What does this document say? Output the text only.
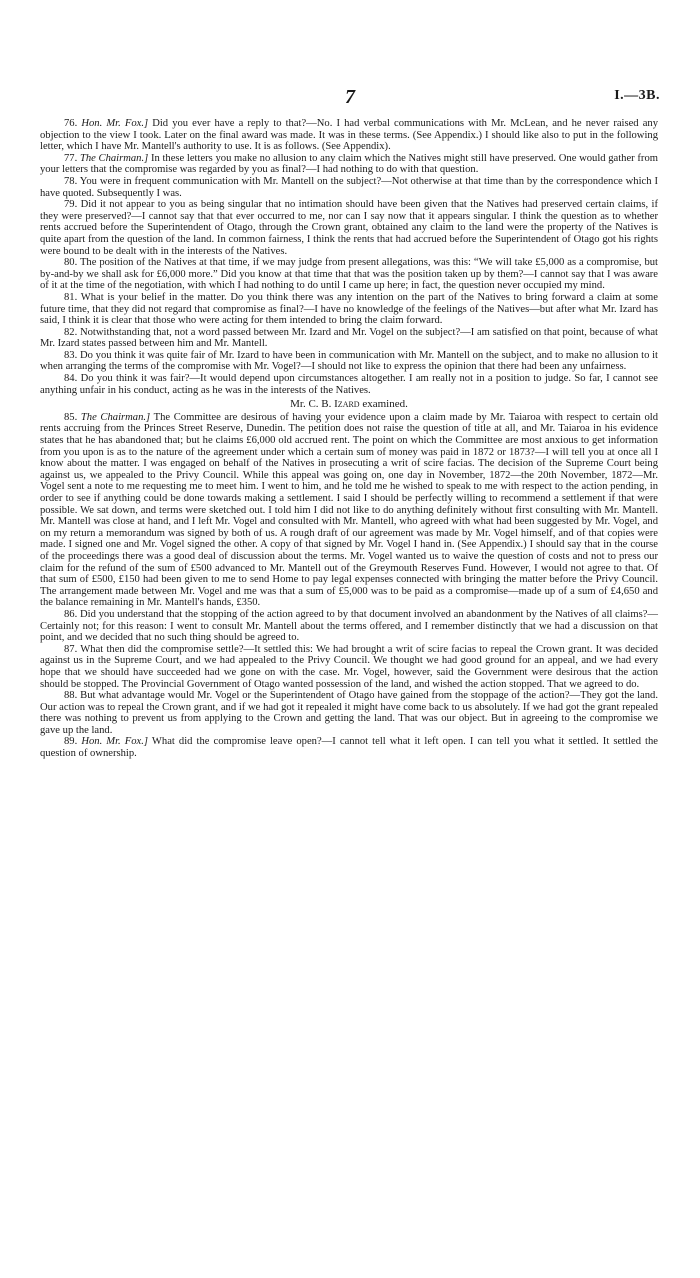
7	I.—3B.

76. Hon. Mr. Fox.] Did you ever have a reply to that?—No. I had verbal communications with Mr. McLean, and he never raised any objection to the view I took. Later on the final award was made. It was in these terms. (See Appendix.) I should like also to put in the following letter, which I have Mr. Mantell's authority to use. It is as follows. (See Appendix).

77. The Chairman.] In these letters you make no allusion to any claim which the Natives might still have preserved. One would gather from your letters that the compromise was regarded by you as final?—I had nothing to do with that question.

78. You were in frequent communication with Mr. Mantell on the subject?—Not otherwise at that time than by the correspondence which I have quoted. Subsequently I was.

79. Did it not appear to you as being singular that no intimation should have been given that the Natives had preserved certain claims, if they were preserved?—I cannot say that that ever occurred to me, nor can I say now that it appears singular. I think the question as to whether rents accrued before the Superintendent of Otago, through the Crown grant, obtained any claim to the land were the property of the Natives is quite apart from the question of the land. In common fairness, I think the rents that had accrued before the Superintendent of Otago got his rights were bound to be dealt with in the interests of the Natives.

80. The position of the Natives at that time, if we may judge from present allegations, was this: “We will take £5,000 as a compromise, but by-and-by we shall ask for £6,000 more.” Did you know at that time that that was the position taken up by them?—I cannot say that I was aware of it at the time of the negotiation, with which I had nothing to do until I came up here; in fact, the question never occupied my mind.

81. What is your belief in the matter. Do you think there was any intention on the part of the Natives to bring forward a claim at some future time, that they did not regard that compromise as final?—I have no knowledge of the feelings of the Natives—but after what Mr. Izard has said, I think it is clear that those who were acting for them intended to bring the claim forward.

82. Notwithstanding that, not a word passed between Mr. Izard and Mr. Vogel on the subject?—I am satisfied on that point, because of what Mr. Izard states passed between him and Mr. Mantell.

83. Do you think it was quite fair of Mr. Izard to have been in communication with Mr. Mantell on the subject, and to make no allusion to it when arranging the terms of the compromise with Mr. Vogel?—I should not like to express the opinion that there had been any unfairness.

84. Do you think it was fair?—It would depend upon circumstances altogether. I am really not in a position to judge. So far, I cannot see anything unfair in his conduct, acting as he was in the interests of the Natives.

Mr. C. B. Izard examined.

85. The Chairman.] The Committee are desirous of having your evidence upon a claim made by Mr. Taiaroa with respect to certain old rents accruing from the Princes Street Reserve, Dunedin. The petition does not raise the question of title at all, and Mr. Taiaroa in his evidence states that he has abandoned that; but he claims £6,000 old accrued rent. The point on which the Committee are most anxious to get information from you upon is as to the nature of the agreement under which a certain sum of money was paid in 1872 or 1873?—I will tell you at once all I know about the matter. I was engaged on behalf of the Natives in prosecuting a writ of scire facias. The decision of the Supreme Court being against us, we appealed to the Privy Council. While this appeal was going on, one day in November, 1872—the 20th November, 1872—Mr. Vogel sent a note to me requesting me to meet him. I went to him, and he told me he wished to speak to me with respect to the action pending, in order to see if anything could be done towards making a settlement. I said I should be perfectly willing to recommend a settlement if that were possible. We sat down, and terms were sketched out. I told him I did not like to do anything definitely without first consulting with Mr. Mantell. Mr. Mantell was close at hand, and I left Mr. Vogel and consulted with Mr. Mantell, who agreed with what had been suggested by Mr. Vogel, and on my return a memorandum was signed by both of us. A rough draft of our agreement was made by Mr. Vogel himself, and of that copies were made. I signed one and Mr. Vogel signed the other. A copy of that signed by Mr. Vogel I hand in. (See Appendix.) I should say that in the course of the proceedings there was a good deal of discussion about the terms. Mr. Vogel wanted us to waive the question of costs and not to press our claim for the refund of the sum of £500 advanced to Mr. Mantell out of the Greymouth Reserves Fund. However, I would not agree to that. Of that sum of £500, £150 had been given to me to send Home to pay legal expenses connected with bringing the matter before the Privy Council. The arrangement made between Mr. Vogel and me was that a sum of £5,000 was to be paid as a compromise—made up of a sum of £4,650 and the balance remaining in Mr. Mantell's hands, £350.

86. Did you understand that the stopping of the action agreed to by that document involved an abandonment by the Natives of all claims?—Certainly not; for this reason: I went to consult Mr. Mantell about the terms offered, and I remember distinctly that we had a discussion on that point, and we decided that no such thing should be agreed to.

87. What then did the compromise settle?—It settled this: We had brought a writ of scire facias to repeal the Crown grant. It was decided against us in the Supreme Court, and we had appealed to the Privy Council. We thought we had good ground for an appeal, and we had every hope that we should have succeeded had we gone on with the case. Mr. Vogel, however, said the Government were desirous that the action should be stopped. The Provincial Government of Otago wanted possession of the land, and wished the action stopped. That we agreed to do.

88. But what advantage would Mr. Vogel or the Superintendent of Otago have gained from the stoppage of the action?—They got the land. Our action was to repeal the Crown grant, and if we had got it repealed it might have come back to us absolutely. If we had got the grant repealed there was nothing to prevent us from applying to the Crown and getting the land. That was our object. But in agreeing to the compromise we gave up the land.

89. Hon. Mr. Fox.] What did the compromise leave open?—I cannot tell what it left open. I can tell you what it settled. It settled the question of ownership.
